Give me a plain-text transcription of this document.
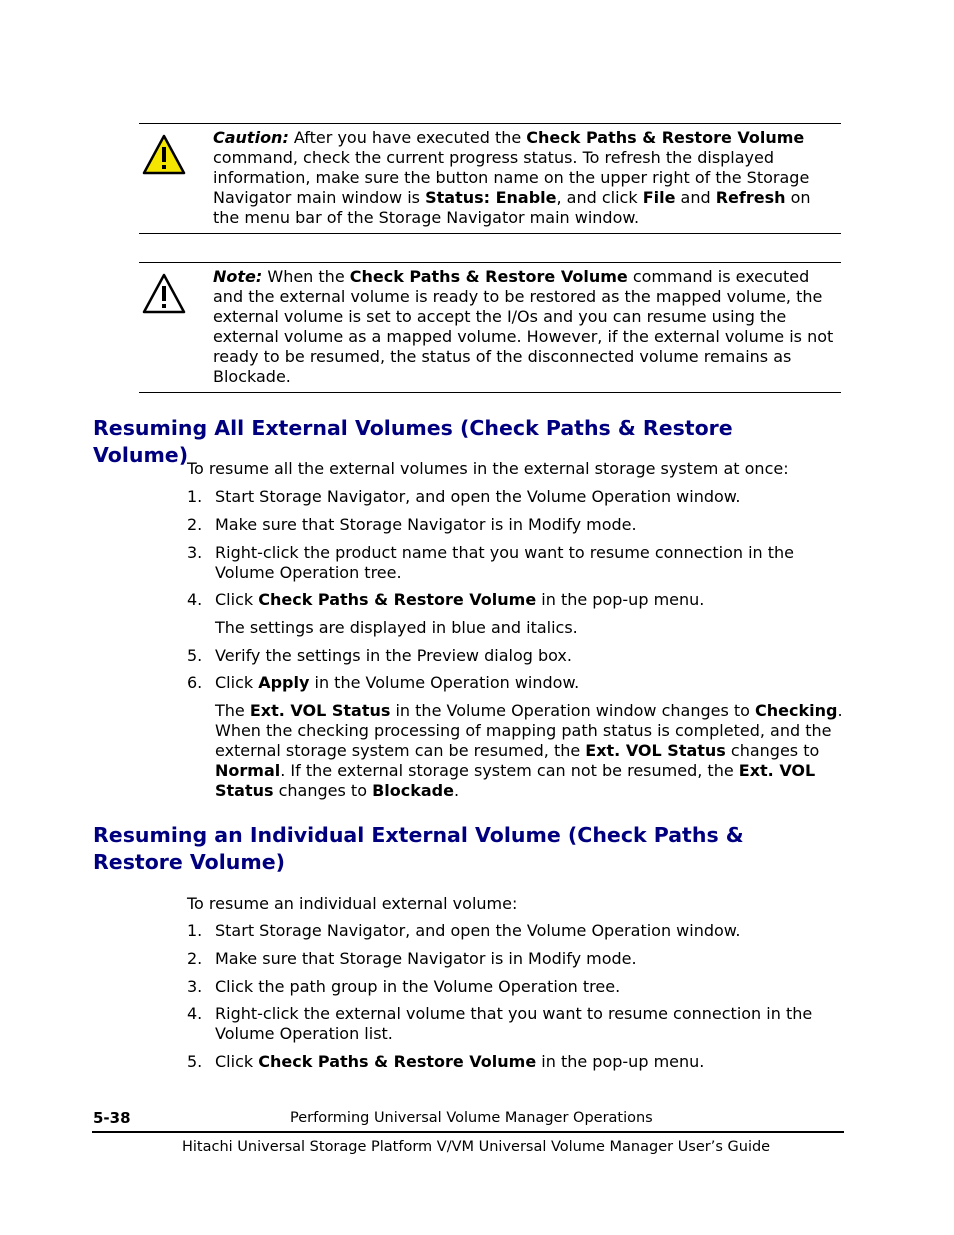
Caution: After you have executed the Check Paths & Restore Volume command, check the current progress status. To refresh the displayed information, make sure the button name on the upper right of the Storage Navigator main window is Status: Enable, and click File and Refresh on the menu bar of the Storage Navigator main window.
Note: When the Check Paths & Restore Volume command is executed and the external volume is ready to be restored as the mapped volume, the external volume is set to accept the I/Os and you can resume using the external volume as a mapped volume. However, if the external volume is not ready to be resumed, the status of the disconnected volume remains as Blockade.
Resuming All External Volumes (Check Paths & Restore Volume)

To resume all the external volumes in the external storage system at once:

1. Start Storage Navigator, and open the Volume Operation window.
2. Make sure that Storage Navigator is in Modify mode.
3. Right-click the product name that you want to resume connection in the Volume Operation tree.
4. Click Check Paths & Restore Volume in the pop-up menu.

The settings are displayed in blue and italics.

5. Verify the settings in the Preview dialog box.
6. Click Apply in the Volume Operation window.

The Ext. VOL Status in the Volume Operation window changes to Checking. When the checking processing of mapping path status is completed, and the external storage system can be resumed, the Ext. VOL Status changes to Normal. If the external storage system can not be resumed, the Ext. VOL Status changes to Blockade.

Resuming an Individual External Volume (Check Paths & Restore Volume)

To resume an individual external volume:

1. Start Storage Navigator, and open the Volume Operation window.
2. Make sure that Storage Navigator is in Modify mode.
3. Click the path group in the Volume Operation tree.
4. Right-click the external volume that you want to resume connection in the Volume Operation list.
5. Click Check Paths & Restore Volume in the pop-up menu.
5-38	Performing Universal Volume Manager Operations
Hitachi Universal Storage Platform V/VM Universal Volume Manager User’s Guide
